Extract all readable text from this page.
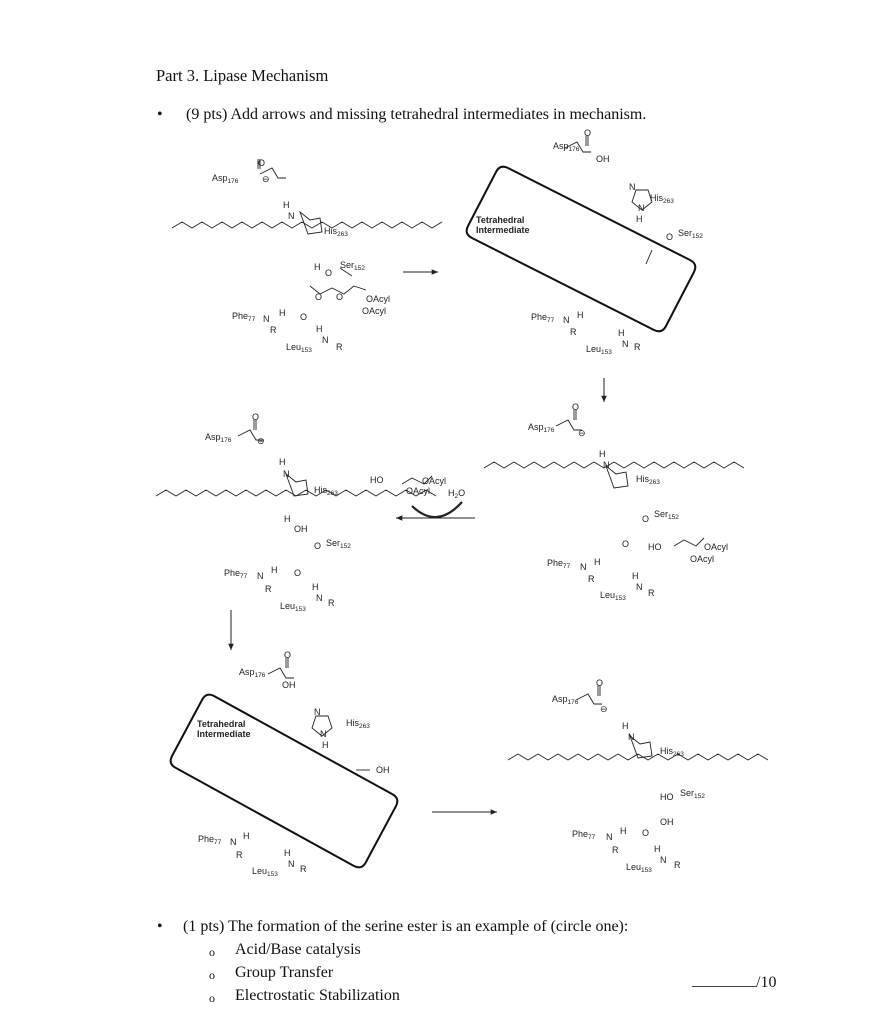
Part 3. Lipase Mechanism
• (9 pts) Add arrows and missing tetrahedral intermediates in mechanism.
Tetrahedral
Intermediate
Tetrahedral
Intermediate
Asp$_{176}$	⊖
O
H
N
His$_{263}$
H
O
Ser$_{152}$
O O	OAcyl
OAcyl
Phe$_{77}$ N
H
R
O
H
N
R
Leu$_{153}$
Asp$_{176}$
O
OH
N
N
H
His$_{263}$
O Ser$_{152}$
Phe$_{77}$ N H
R	H
N R
Leu$_{153}$
Asp$_{176}$
O
⊖
H
N
His$_{263}$
O Ser$_{152}$
O HO	OAcyl
OAcyl
Phe$_{77}$ N H
R	H
N
R
Leu$_{153}$
Asp$_{176}$
O
⊖
H
N
His$_{263}$
HO	OAcyl
OAcyl $H_2O$
H
OH
O Ser$_{152}$
O
Phe$_{77}$ N
H
R	H
N R
Leu$_{153}$
Asp$_{176}$
O
OH
N
N
H
His$_{263}$
OH
Phe$_{77}$ N
H
R	H
N R
Leu$_{153}$
Asp$_{176}$
O
⊖
H
N
His$_{263}$
HO Ser$_{152}$
OH
O
Phe$_{77}$ N
H
R	H
N R
Leu$_{153}$
• (1 pts) The formation of the serine ester is an example of (circle one):
o Acid/Base catalysis
o Group Transfer
o Electrostatic Stabilization
________ /10
